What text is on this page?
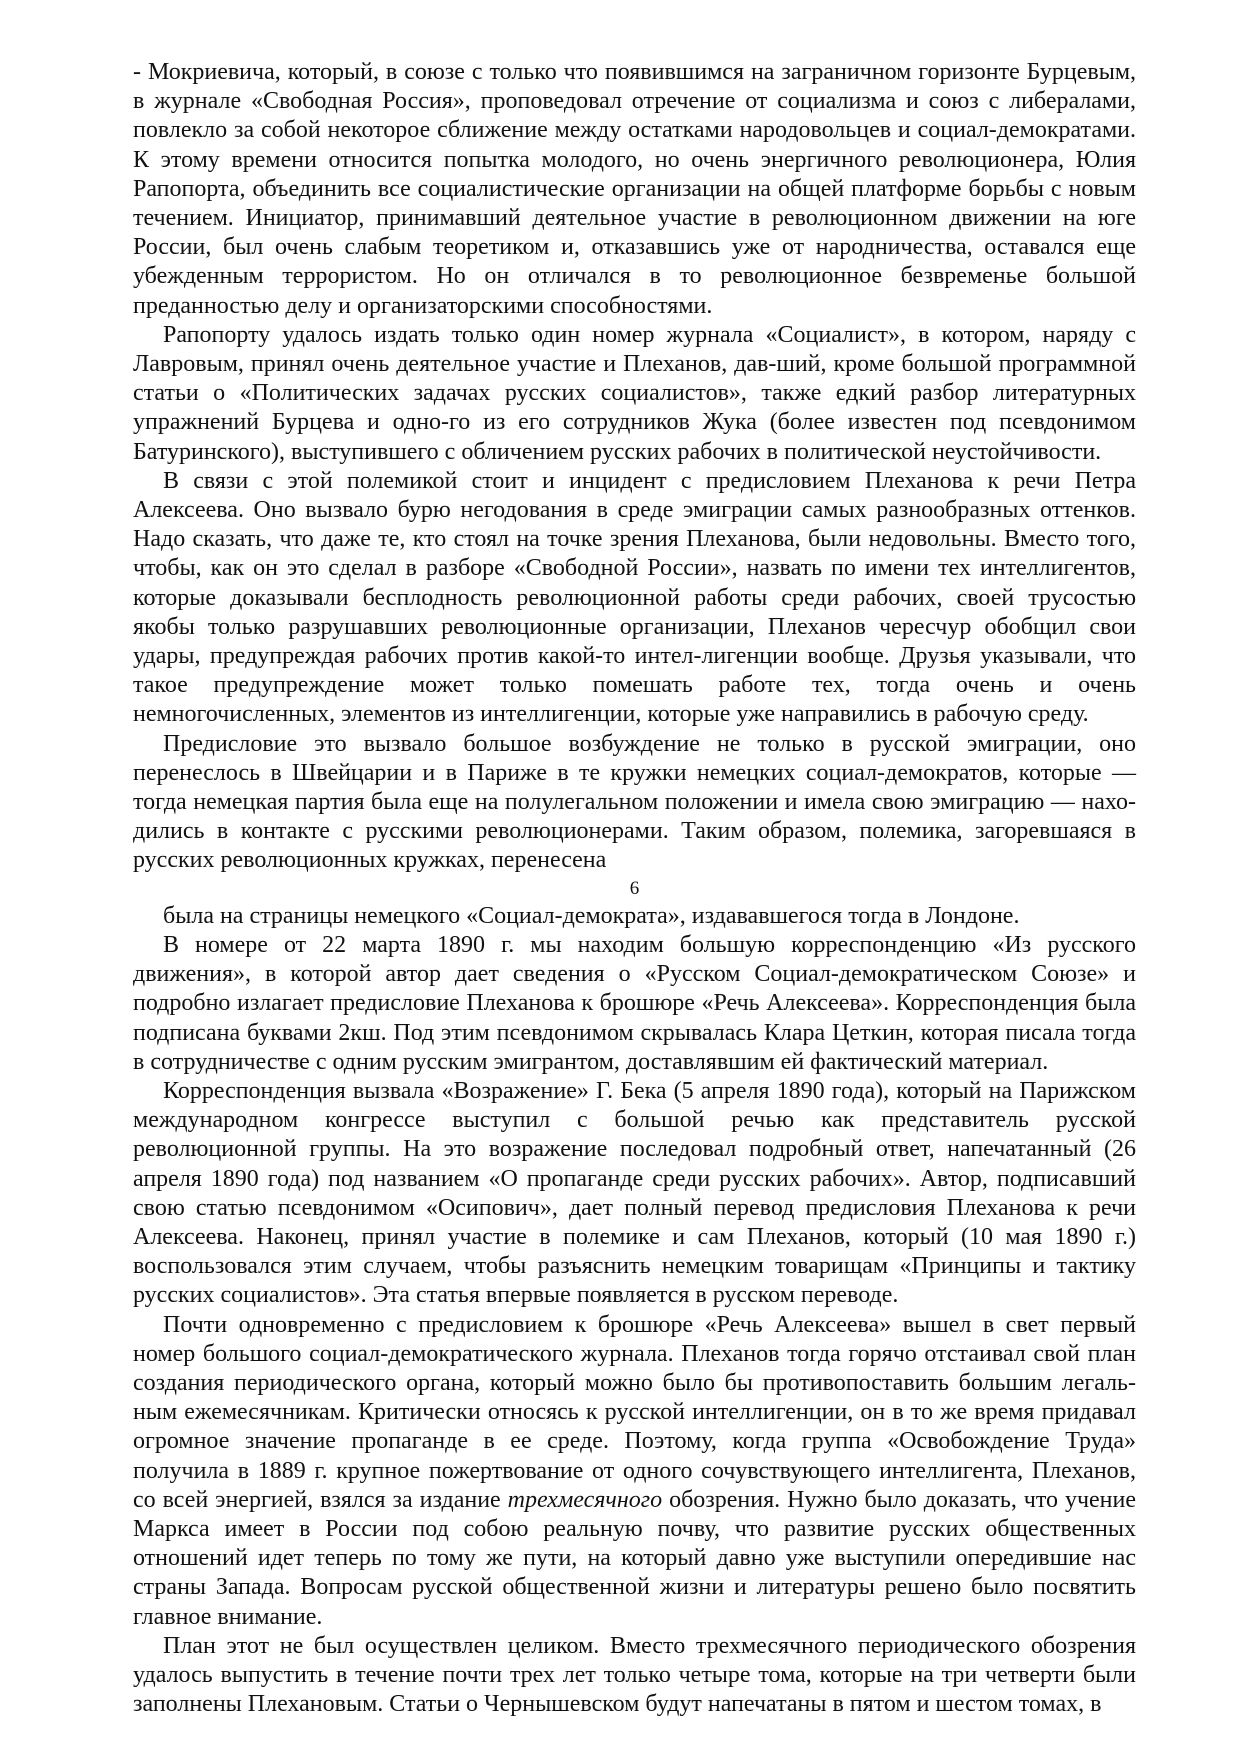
- Мокриевича, который, в союзе с только что появившимся на заграничном горизонте Бурцевым, в журнале «Свободная Россия», проповедовал отречение от социализма и союз с либералами, повлекло за собой некоторое сближение между остатками народовольцев и социал-демократами. К этому времени относится попытка молодого, но очень энергичного революционера, Юлия Рапопорта, объединить все социалистические организации на общей платформе борьбы с новым течением. Инициатор, принимавший деятельное участие в революционном движении на юге России, был очень слабым теоретиком и, отказавшись уже от народничества, оставался еще убежденным террористом. Но он отличался в то революционное безвременье большой преданностью делу и организаторскими способностями.

Рапопорту удалось издать только один номер журнала «Социалист», в котором, наряду с Лавровым, принял очень деятельное участие и Плеханов, дав-ший, кроме большой программной статьи о «Политических задачах русских социалистов», также едкий разбор литературных упражнений Бурцева и одно-го из его сотрудников Жука (более известен под псевдонимом Батуринского), выступившего с обличением русских рабочих в политической неустойчивости.

В связи с этой полемикой стоит и инцидент с предисловием Плеханова к речи Петра Алексеева. Оно вызвало бурю негодования в среде эмиграции самых разнообразных оттенков. Надо сказать, что даже те, кто стоял на точке зрения Плеханова, были недовольны. Вместо того, чтобы, как он это сделал в разборе «Свободной России», назвать по имени тех интеллигентов, которые доказывали бесплодность революционной работы среди рабочих, своей трусостью якобы только разрушавших революционные организации, Плеханов чересчур обобщил свои удары, предупреждая рабочих против какой-то интел-лигенции вообще. Друзья указывали, что такое предупреждение может только помешать работе тех, тогда очень и очень немногочисленных, элементов из интеллигенции, которые уже направились в рабочую среду.

Предисловие это вызвало большое возбуждение не только в русской эмиграции, оно перенеслось в Швейцарии и в Париже в те кружки немецких социал-демократов, которые — тогда немецкая партия была еще на полулегальном положении и имела свою эмиграцию — нахо-дились в контакте с русскими революционерами. Таким образом, полемика, загоревшаяся в русских революционных кружках, перенесена

6

была на страницы немецкого «Социал-демократа», издававшегося тогда в Лондоне.

В номере от 22 марта 1890 г. мы находим большую корреспонденцию «Из русского движения», в которой автор дает сведения о «Русском Социал-демократическом Союзе» и подробно излагает предисловие Плеханова к брошюре «Речь Алексеева». Корреспонденция была подписана буквами 2кш. Под этим псевдонимом скрывалась Клара Цеткин, которая писала тогда в сотрудничестве с одним русским эмигрантом, доставлявшим ей фактический материал.

Корреспонденция вызвала «Возражение» Г. Бека (5 апреля 1890 года), который на Парижском международном конгрессе выступил с большой речью как представитель русской революционной группы. На это возражение последовал подробный ответ, напечатанный (26 апреля 1890 года) под названием «О пропаганде среди русских рабочих». Автор, подписавший свою статью псевдонимом «Осипович», дает полный перевод предисловия Плеханова к речи Алексеева. Наконец, принял участие в полемике и сам Плеханов, который (10 мая 1890 г.) воспользовался этим случаем, чтобы разъяснить немецким товарищам «Принципы и тактику русских социалистов». Эта статья впервые появляется в русском переводе.

Почти одновременно с предисловием к брошюре «Речь Алексеева» вышел в свет первый номер большого социал-демократического журнала. Плеханов тогда горячо отстаивал свой план создания периодического органа, который можно было бы противопоставить большим легаль-ным ежемесячникам. Критически относясь к русской интеллигенции, он в то же время придавал огромное значение пропаганде в ее среде. Поэтому, когда группа «Освобождение Труда» получила в 1889 г. крупное пожертвование от одного сочувствующего интеллигента, Плеханов, со всей энергией, взялся за издание трехмесячного обозрения. Нужно было доказать, что учение Маркса имеет в России под собою реальную почву, что развитие русских общественных отношений идет теперь по тому же пути, на который давно уже выступили опередившие нас страны Запада. Вопросам русской общественной жизни и литературы решено было посвятить главное внимание.

План этот не был осуществлен целиком. Вместо трехмесячного периодического обозрения удалось выпустить в течение почти трех лет только четыре тома, которые на три четверти были заполнены Плехановым. Статьи о Чернышевском будут напечатаны в пятом и шестом томах, в
